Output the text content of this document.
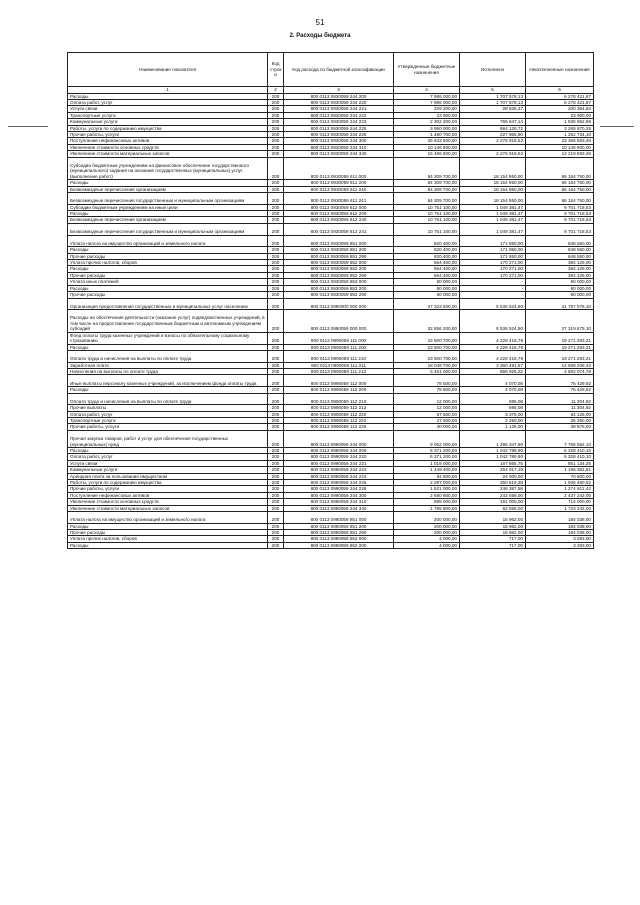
51
2. Расходы бюджета
Наименование показателя	Код строк и	Код расхода по бюджетной классификации	Утвержденные бюджетные назначения	Исполнено	Неисполненные назначения
1	2	3	4	5	6
Расходы	200	800 0113 0930059 244 200	7 986 000,00	1 707 578,13	6 278 421,87
Оплата работ, услуг	200	800 0113 0930059 244 220	7 986 000,00	1 707 578,13	6 278 421,87
Услуги связи	200	800 0113 0930059 244 221	229 200,00	28 835,37	200 364,63
Транспортные услуги	200	800 0113 0930059 244 222	23 900,00		23 900,00
Коммунальные услуги	200	800 0113 0930059 244 223	2 302 200,00	766 647,14	1 535 552,86
Работы, услуги по содержанию имущества	200	800 0113 0930059 244 225	3 950 000,00	684 129,72	3 265 870,28
Прочие работы, услуги	200	800 0113 0930059 244 226	1 480 700,00	227 965,90	1 252 734,10
Поступление нефинансовых активов	200	800 0113 0930059 244 300	25 643 500,00	2 276 918,52	23 366 583,48
Увеличение стоимости основных средств	200	800 0113 0930059 244 310	10 146 900,00		10 146 900,00
Увеличение стоимости материальных запасов	200	800 0113 0930059 244 340	15 496 600,00	2 276 918,52	13 219 683,48
Субсидии бюджетным учреждениям на финансовое обеспечение государственного (муниципального) задания на оказание государственных (муниципальных) услуг (выполнение работ)	200	800 0113 0930059 611 000	84 309 700,00	18 154 950,00	66 154 750,00
Расходы	200	800 0113 0930059 611 200	84 309 700,00	18 154 950,00	66 154 750,00
Безвозмездные перечисления организациям	200	800 0113 0930059 611 240	84 309 700,00	18 154 950,00	66 154 750,00
Безвозмездные перечисления государственным и муниципальным организациям	200	800 0113 0930059 611 241	84 309 700,00	18 154 950,00	66 154 750,00
Субсидии бюджетным учреждениям на иные цели	200	800 0113 0930059 612 000	10 751 100,00	1 049 381,47	9 701 718,53
Расходы	200	800 0113 0930059 612 200	10 751 100,00	1 049 381,47	9 701 718,53
Безвозмездные перечисления организациям	200	800 0113 0930059 612 240	10 751 100,00	1 049 381,47	9 701 718,53
Безвозмездные перечисления государственным и муниципальным организациям	200	800 0113 0930059 612 241	10 751 100,00	1 049 381,47	9 701 718,53
Уплата налога на имущество организаций и земельного налога	200	800 0113 0930059 851 000	820 400,00	171 850,00	648 550,00
Расходы	200	800 0113 0930059 851 200	820 400,00	171 850,00	648 550,00
Прочие расходы	200	800 0113 0930059 851 290	820 400,00	171 850,00	648 550,00
Уплата прочих налогов, сборов	200	800 0113 0930059 852 000	564 400,00	170 271,00	394 129,00
Расходы	200	800 0113 0930059 852 200	564 400,00	170 271,00	394 129,00
Прочие расходы	200	800 0113 0930059 852 290	564 400,00	170 271,00	394 129,00
Уплата иных платежей	200	800 0113 0930059 853 000	60 000,00	-	60 000,00
Расходы	200	800 0113 0930059 853 200	60 000,00	-	60 000,00
Прочие расходы	200	800 0113 0930059 853 290	60 000,00	-	60 000,00
Организация предоставления государственных и муниципальных услуг населению	200	800 0113 0990000 000 000	47 323 600,00	5 536 524,90	41 787 075,10
Расходы на обеспечение деятельности (оказание услуг) подведомственных учреждений, в том числе на предоставление государственным бюджетным и автономным учреждениям субсидий	200	800 0113 0990059 000 000	32 856 200,00	5 536 524,90	27 319 675,10
Фонд оплаты труда казенных учреждений и взносы по обязательному социальному страхованию	200	800 0113 0990059 111 000	23 500 700,00	4 229 416,79	19 271 283,21
Расходы	200	800 0113 0990059 111 200	23 500 700,00	4 229 416,79	19 271 283,21
Оплата труда и начисления на выплаты по оплате труда	200	800 0113 0990059 111 210	23 500 700,00	4 229 416,79	19 271 283,21
Заработная плата	200	800 0113 0990059 111 211	18 049 700,00	3 360 491,57	14 689 208,43
Начисления на выплаты по оплате труда	200	800 0113 0990059 111 213	5 451 000,00	868 925,22	4 582 074,78
Иные выплаты персоналу казенных учреждений, за исключением фонда оплаты труда	200	800 0113 0990059 112 000	79 500,00	4 070,08	75 429,92
Расходы	200	800 0113 0990059 112 200	79 500,00	4 070,08	75 429,92
Оплата труда и начисления на выплаты по оплате труда	200	800 0113 0990059 112 210	12 000,00	695,08	11 304,92
Прочие выплаты	200	800 0113 0990059 112 212	12 000,00	695,08	11 304,92
Оплата работ, услуг	200	800 0113 0990059 112 220	67 500,00	3 375,00	64 125,00
Транспортные услуги	200	800 0113 0990059 112 222	27 500,00	2 250,00	25 250,00
Прочие работы, услуги	200	800 0113 0990059 112 226	40 000,00	1 125,00	38 875,00
Прочая закупка товаров, работ и услуг для обеспечения государственных (муниципальных) нужд	200	800 0113 0990059 244 000	9 052 000,00	1 286 347,90	7 765 652,10
Расходы	200	800 0113 0990059 244 200	6 371 200,00	1 042 789,90	5 328 410,10
Оплата работ, услуг	200	800 0113 0990059 244 220	6 371 200,00	1 042 789,90	5 328 410,10
Услуги связи	200	800 0113 0990059 244 221	1 019 000,00	167 865,75	851 134,25
Коммунальные услуги	200	800 0113 0990059 244 223	1 449 400,00	254 017,19	1 195 382,81
Арендная плата за пользование имуществом	200	800 0113 0990059 244 224	94 800,00	24 000,00	70 800,00
Работы, услуги по содержанию имущества	200	800 0113 0990059 244 225	2 287 000,00	350 519,38	1 936 480,62
Прочие работы, услуги	200	800 0113 0990059 244 226	1 521 000,00	246 387,58	1 274 612,42
Поступление нефинансовых активов	200	800 0113 0990059 244 300	2 680 800,00	243 558,00	2 437 242,00
Увеличение стоимости основных средств	200	800 0113 0990059 244 310	895 000,00	181 000,00	714 000,00
Увеличение стоимости материальных запасов	200	800 0113 0990059 244 340	1 785 800,00	62 558,00	1 723 242,00
Уплата налога на имущество организаций и земельного налога	200	800 0113 0990059 851 000	200 000,00	15 962,00	184 038,00
Расходы	200	800 0113 0990059 851 200	200 000,00	15 962,00	184 038,00
Прочие расходы	200	800 0113 0990059 851 290	200 000,00	15 962,00	184 038,00
Уплата прочих налогов, сборов	200	800 0113 0990059 852 000	4 000,00	717,00	3 283,00
Расходы	200	800 0113 0990059 852 200	4 000,00	717,00	3 283,00
